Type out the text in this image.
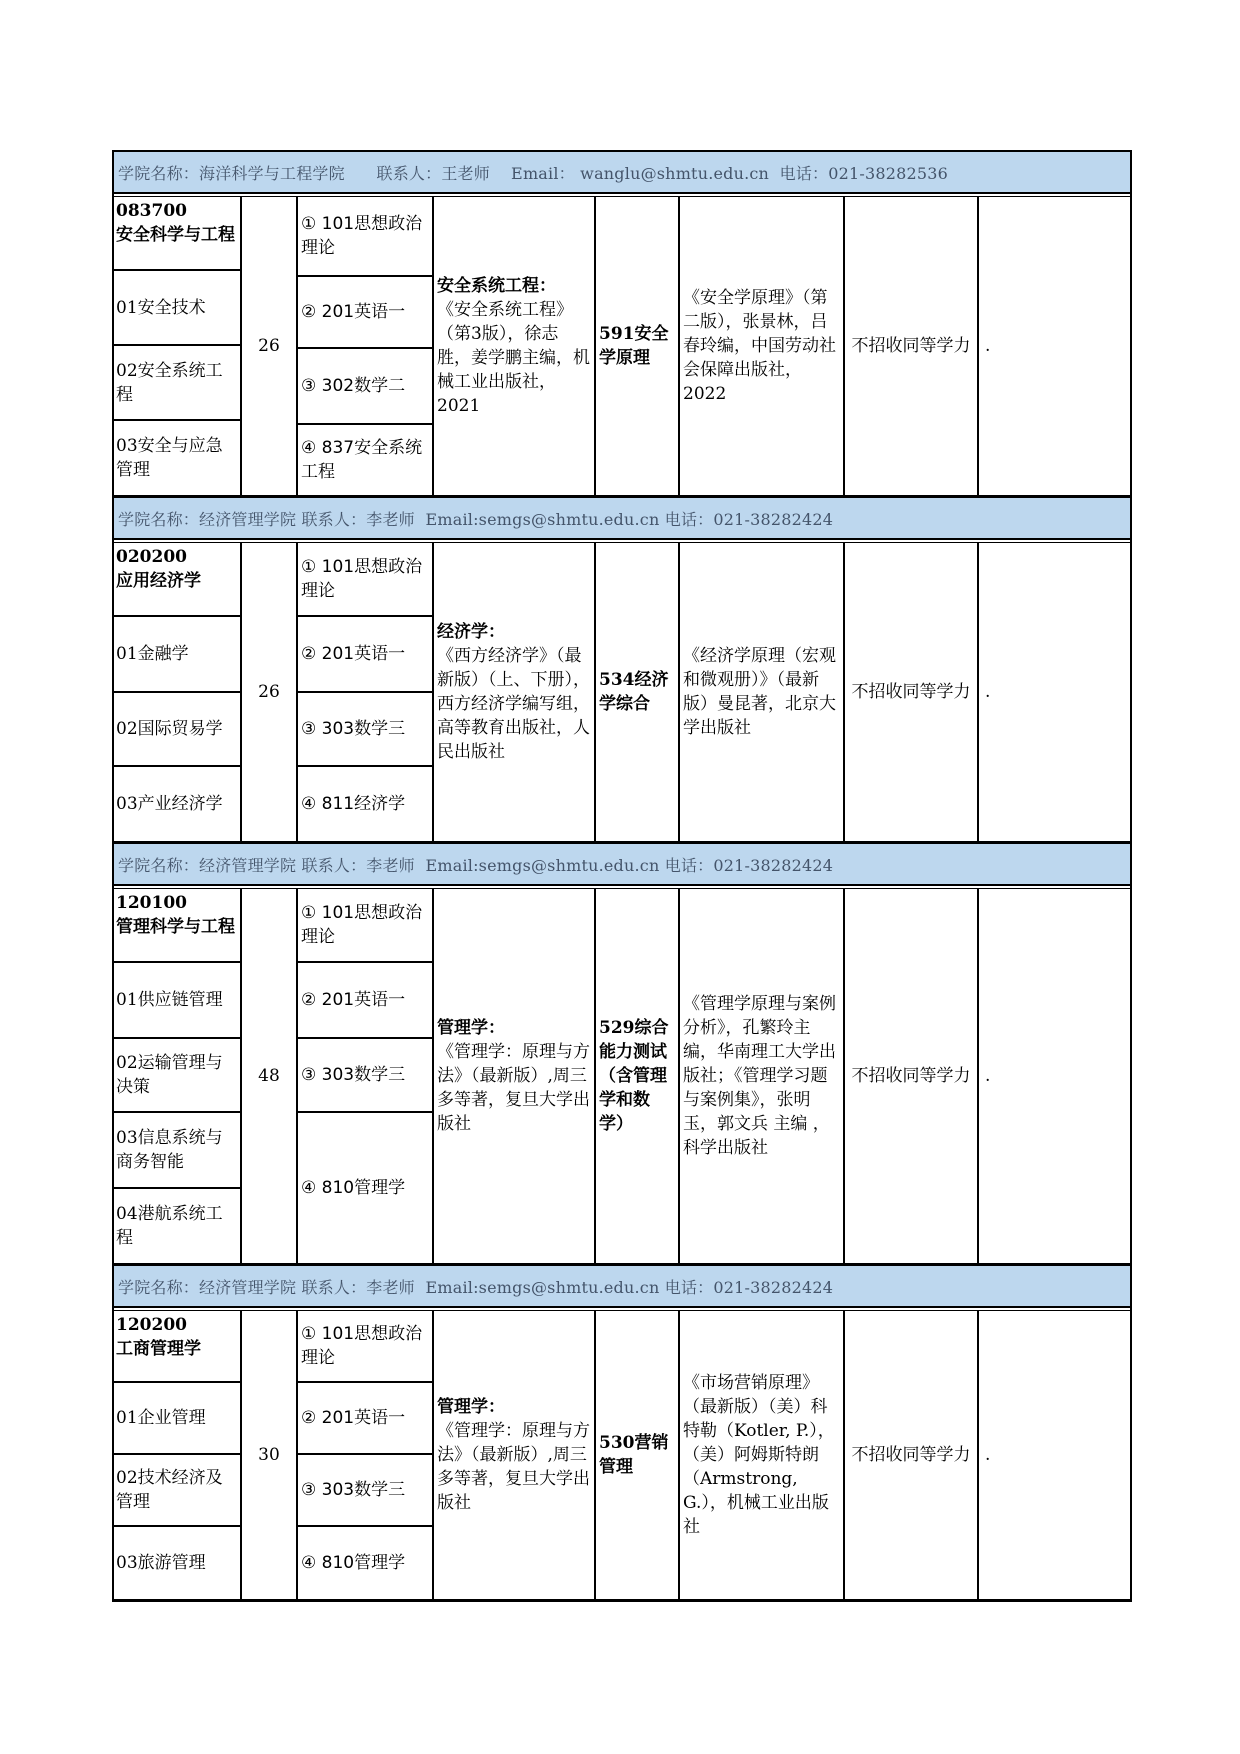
学院名称：海洋科学与工程学院      联系人：王老师    Email： wanglu@shmtu.edu.cn  电话：021-38282536
083700
安全科学与工程
01安全技术
02安全系统工程
03安全与应急管理
26
① 101思想政治理论
② 201英语一
③ 302数学二
④ 837安全系统工程
安全系统工程：
《安全系统工程》（第3版），徐志胜，姜学鹏主编，机械工业出版社，2021
591安全学原理
《安全学原理》（第二版），张景林，吕春玲编，中国劳动社会保障出版社，2022
不招收同等学力 .
学院名称：经济管理学院 联系人：李老师  Email:semgs@shmtu.edu.cn 电话：021-38282424
020200
应用经济学
01金融学
02国际贸易学
03产业经济学
26
① 101思想政治理论
② 201英语一
③ 303数学三
④ 811经济学
经济学：
《西方经济学》（最新版）（上、下册），西方经济学编写组，高等教育出版社，人民出版社
534经济学综合
《经济学原理（宏观和微观册）》（最新版）曼昆著，北京大学出版社
不招收同等学力 .
学院名称：经济管理学院 联系人：李老师  Email:semgs@shmtu.edu.cn 电话：021-38282424
120100
管理科学与工程
01供应链管理
02运输管理与决策
03信息系统与商务智能
04港航系统工程
48
① 101思想政治理论
② 201英语一
③ 303数学三
④ 810管理学
管理学：
《管理学：原理与方法》（最新版）,周三多等著，复旦大学出版社
529综合能力测试（含管理学和数学）
《管理学原理与案例分析》，孔繁玲主编，华南理工大学出版社；《管理学习题与案例集》，张明玉，郭文兵 主编 ，科学出版社
不招收同等学力 .
学院名称：经济管理学院 联系人：李老师  Email:semgs@shmtu.edu.cn 电话：021-38282424
120200
工商管理学
01企业管理
02技术经济及管理
03旅游管理
30
① 101思想政治理论
② 201英语一
③ 303数学三
④ 810管理学
管理学：
《管理学：原理与方法》（最新版）,周三多等著，复旦大学出版社
530营销管理
《市场营销原理》（最新版）（美）科特勒（Kotler, P.），（美）阿姆斯特朗（Armstrong, G.），机械工业出版社
不招收同等学力 .
